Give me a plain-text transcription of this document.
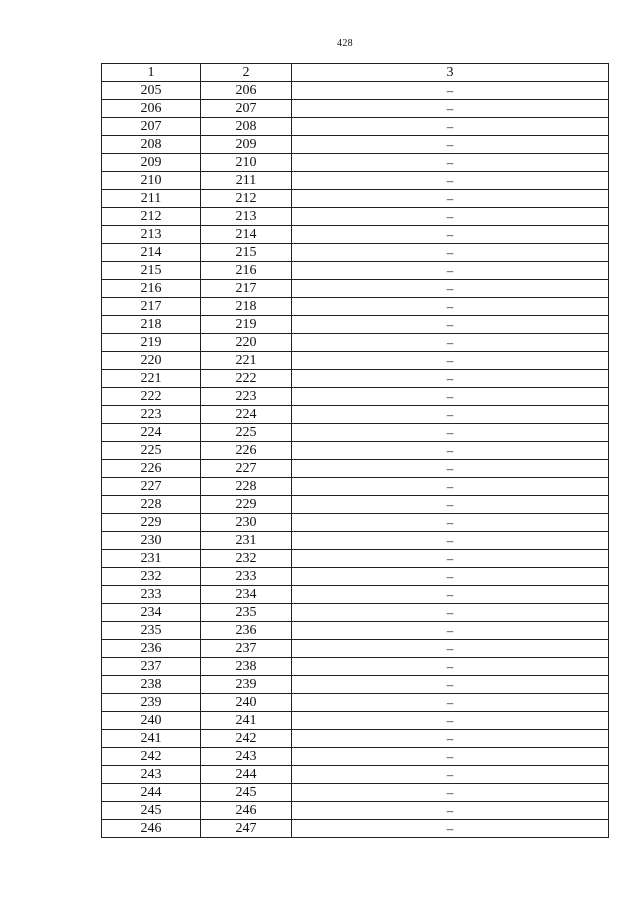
428
1	2	3
205	206	–
206	207	–
207	208	–
208	209	–
209	210	–
210	211	–
211	212	–
212	213	–
213	214	–
214	215	–
215	216	–
216	217	–
217	218	–
218	219	–
219	220	–
220	221	–
221	222	–
222	223	–
223	224	–
224	225	–
225	226	–
226	227	–
227	228	–
228	229	–
229	230	–
230	231	–
231	232	–
232	233	–
233	234	–
234	235	–
235	236	–
236	237	–
237	238	–
238	239	–
239	240	–
240	241	–
241	242	–
242	243	–
243	244	–
244	245	–
245	246	–
246	247	–
